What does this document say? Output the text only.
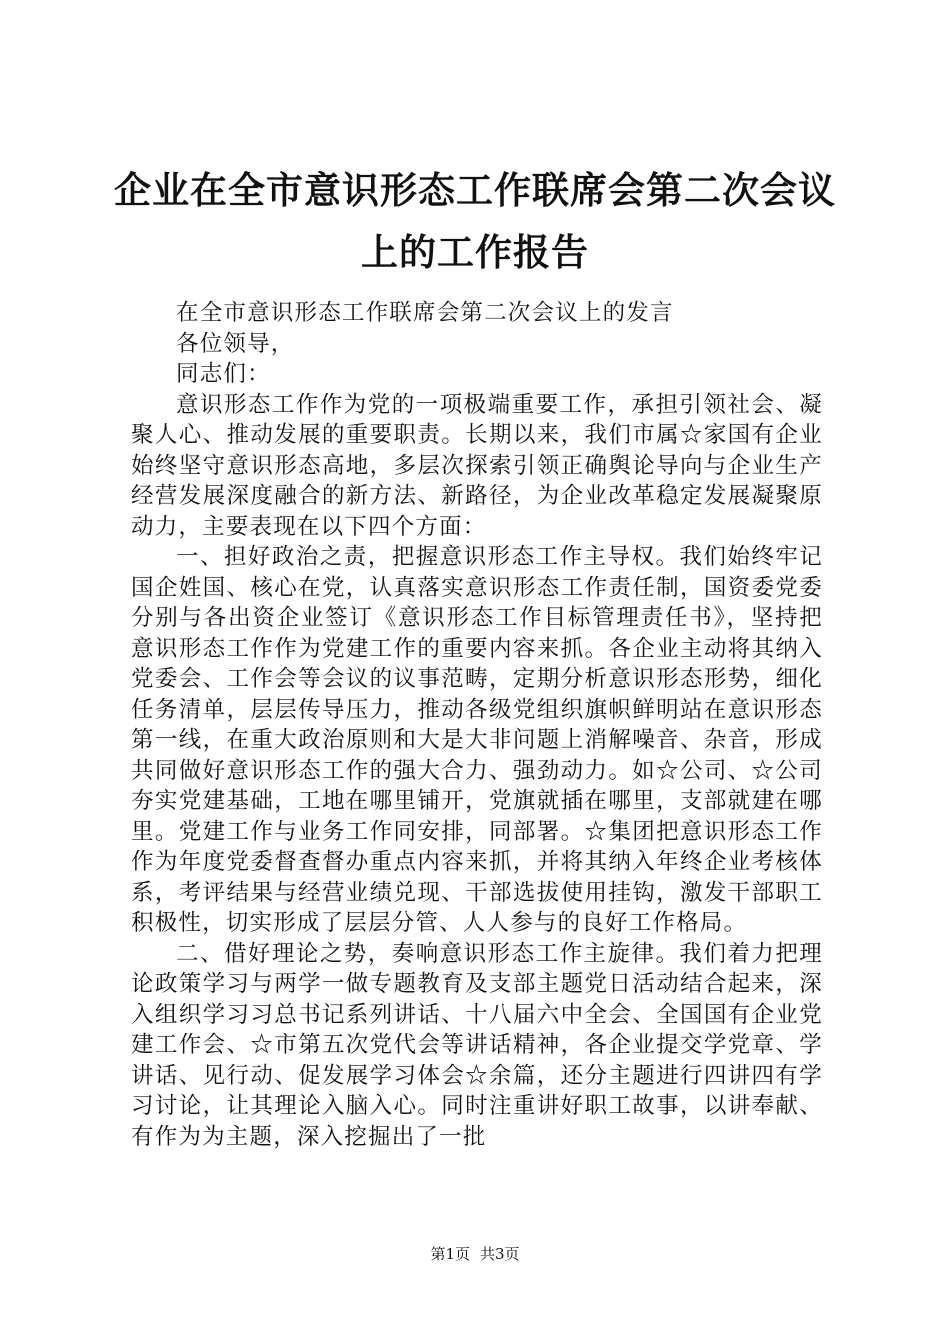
企业在全市意识形态工作联席会第二次会议上的工作报告

在全市意识形态工作联席会第二次会议上的发言

各位领导，

同志们：

意识形态工作作为党的一项极端重要工作，承担引领社会、凝聚人心、推动发展的重要职责。长期以来，我们市属☆家国有企业始终坚守意识形态高地，多层次探索引领正确舆论导向与企业生产经营发展深度融合的新方法、新路径，为企业改革稳定发展凝聚原动力，主要表现在以下四个方面：

一、担好政治之责，把握意识形态工作主导权。我们始终牢记国企姓国、核心在党，认真落实意识形态工作责任制，国资委党委分别与各出资企业签订《意识形态工作目标管理责任书》，坚持把意识形态工作作为党建工作的重要内容来抓。各企业主动将其纳入党委会、工作会等会议的议事范畴，定期分析意识形态形势，细化任务清单，层层传导压力，推动各级党组织旗帜鲜明站在意识形态第一线，在重大政治原则和大是大非问题上消解噪音、杂音，形成共同做好意识形态工作的强大合力、强劲动力。如☆公司、☆公司夯实党建基础，工地在哪里铺开，党旗就插在哪里，支部就建在哪里。党建工作与业务工作同安排，同部署。☆集团把意识形态工作作为年度党委督查督办重点内容来抓，并将其纳入年终企业考核体系，考评结果与经营业绩兑现、干部选拔使用挂钩，激发干部职工积极性，切实形成了层层分管、人人参与的良好工作格局。

二、借好理论之势，奏响意识形态工作主旋律。我们着力把理论政策学习与两学一做专题教育及支部主题党日活动结合起来，深入组织学习习总书记系列讲话、十八届六中全会、全国国有企业党建工作会、☆市第五次党代会等讲话精神，各企业提交学党章、学讲话、见行动、促发展学习体会☆余篇，还分主题进行四讲四有学习讨论，让其理论入脑入心。同时注重讲好职工故事，以讲奉献、有作为为主题，深入挖掘出了一批

第1页 共3页
